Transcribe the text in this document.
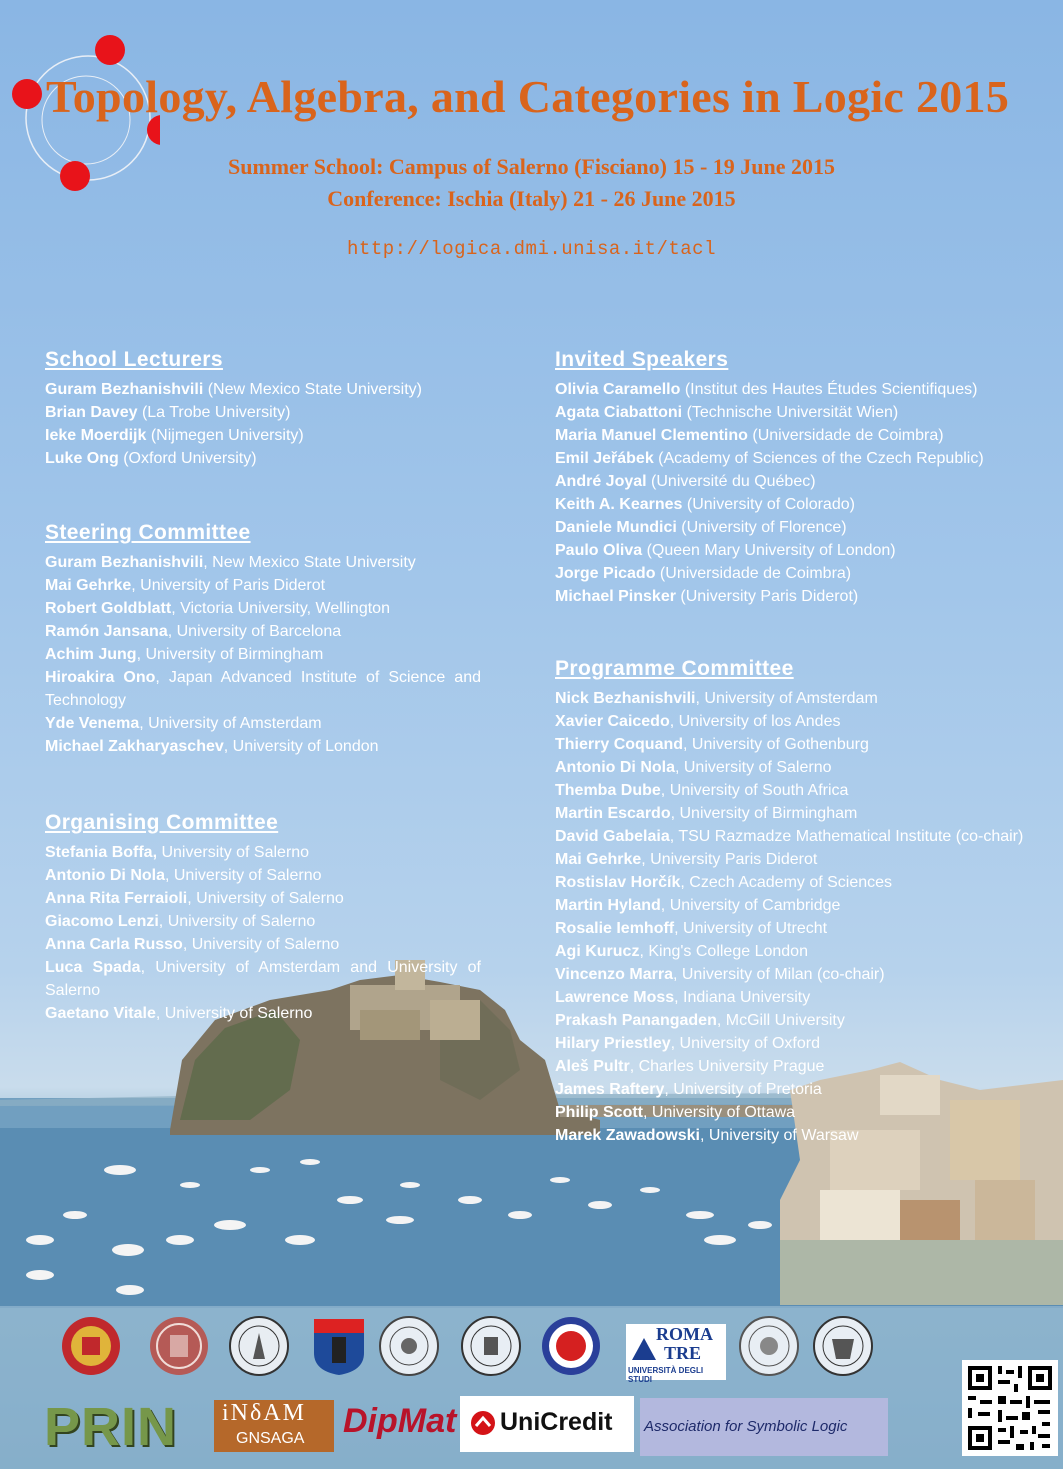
Topology, Algebra, and Categories in Logic 2015

Summer School: Campus of Salerno (Fisciano) 15 - 19 June 2015

Conference: Ischia (Italy) 21 - 26 June 2015

http://logica.dmi.unisa.it/tacl
School Lecturers

Guram Bezhanishvili (New Mexico State University)

Brian Davey (La Trobe University)

Ieke Moerdijk (Nijmegen University)

Luke Ong (Oxford University)

Steering Committee

Guram Bezhanishvili, New Mexico State University

Mai Gehrke, University of Paris Diderot

Robert Goldblatt, Victoria University, Wellington

Ramón Jansana, University of Barcelona

Achim Jung, University of Birmingham

Hiroakira Ono, Japan Advanced Institute of Science and Technology

Yde Venema, University of Amsterdam

Michael Zakharyaschev, University of London

Organising Committee

Stefania Boffa, University of Salerno

Antonio Di Nola, University of Salerno

Anna Rita Ferraioli, University of Salerno

Giacomo Lenzi, University of Salerno

Anna Carla Russo, University of Salerno

Luca Spada, University of Amsterdam and University of Salerno

Gaetano Vitale, University of Salerno

Invited Speakers

Olivia Caramello (Institut des Hautes Études Scientifiques)

Agata Ciabattoni (Technische Universität Wien)

Maria Manuel Clementino (Universidade de Coimbra)

Emil Jeřábek (Academy of Sciences of the Czech Republic)

André Joyal (Université du Québec)

Keith A. Kearnes (University of Colorado)

Daniele Mundici (University of Florence)

Paulo Oliva (Queen Mary University of London)

Jorge Picado (Universidade de Coimbra)

Michael Pinsker (University Paris Diderot)

Programme Committee

Nick Bezhanishvili, University of Amsterdam

Xavier Caicedo, University of los Andes

Thierry Coquand, University of Gothenburg

Antonio Di Nola, University of Salerno

Themba Dube, University of South Africa

Martin Escardo, University of Birmingham

David Gabelaia, TSU Razmadze Mathematical Institute (co-chair)

Mai Gehrke, University Paris Diderot

Rostislav Horčík, Czech Academy of Sciences

Martin Hyland, University of Cambridge

Rosalie Iemhoff, University of Utrecht

Agi Kurucz, King's College London

Vincenzo Marra, University of Milan (co-chair)

Lawrence Moss, Indiana University

Prakash Panangaden, McGill University

Hilary Priestley, University of Oxford

Aleš Pultr, Charles University Prague

James Raftery, University of Pretoria

Philip Scott, University of Ottawa

Marek Zawadowski, University of Warsaw

ROMA
TRE
UNIVERSITÀ DEGLI STUDI
PRIN	iNδAM
GNSAGA DipMat UniCredit Association for Symbolic Logic
